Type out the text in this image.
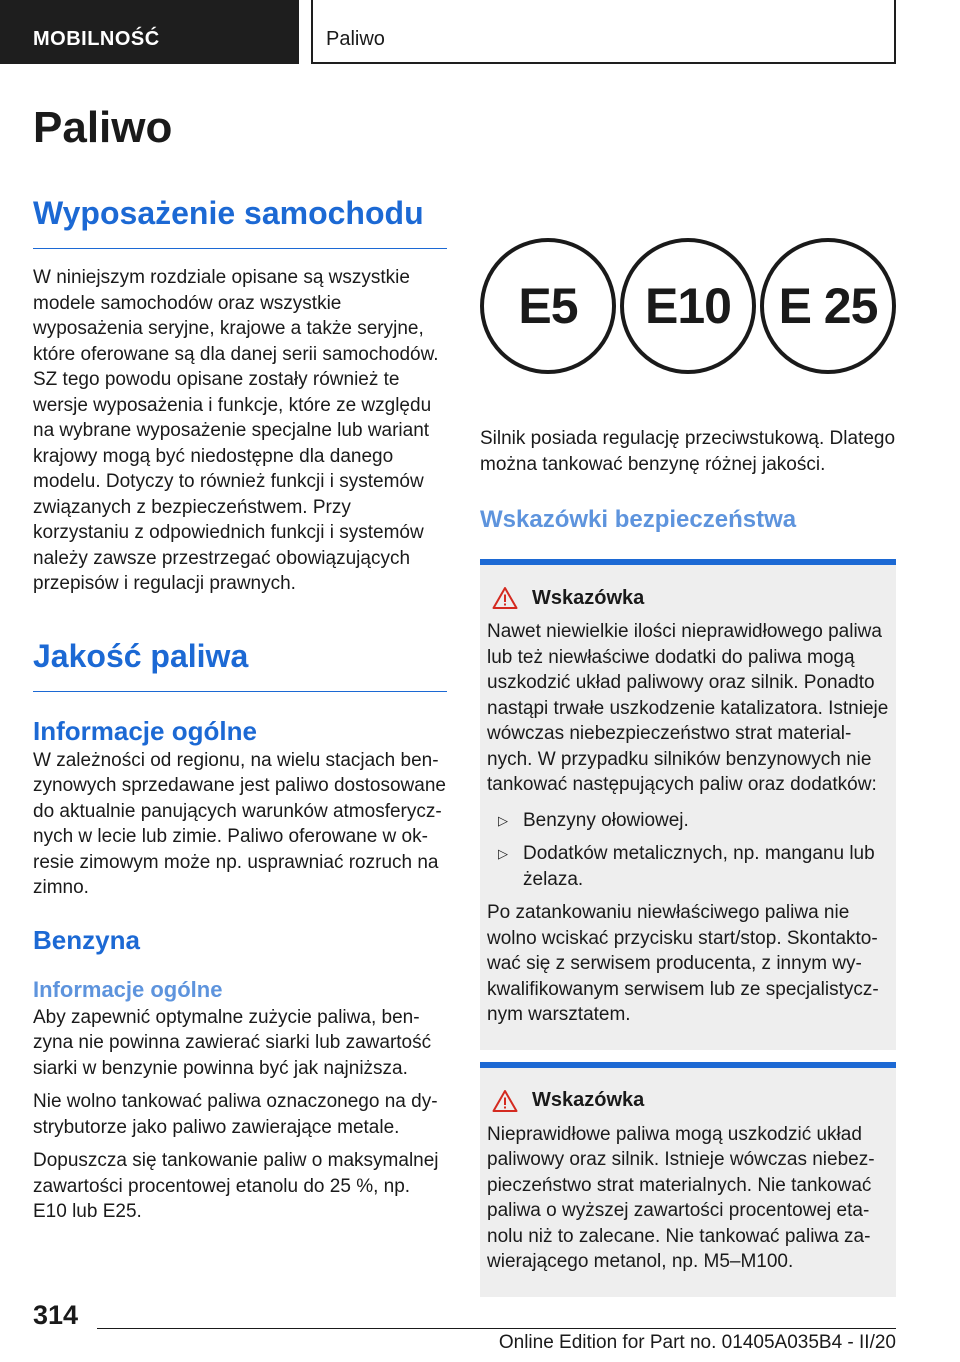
MOBILNOŚĆ	Paliwo
Paliwo
Wyposażenie samochodu

W niniejszym rozdziale opisane są wszystkie modele samochodów oraz wszystkie wyposażenia seryjne, krajowe a także seryjne, które oferowane są dla danej serii samochodów. SZ tego powodu opisane zostały również te wersje wyposażenia i funkcje, które ze względu na wybrane wyposażenie specjalne lub wariant krajowy mogą być niedostępne dla danego modelu. Dotyczy to również funkcji i systemów związanych z bezpieczeństwem. Przy korzystaniu z odpowiednich funkcji i systemów należy zawsze przestrzegać obowiązujących przepisów i regulacji prawnych.

Jakość paliwa
Informacje ogólne

W zależności od regionu, na wielu stacjach benzynowych sprzedawane jest paliwo dostosowane do aktualnie panujących warunków atmosferycznych w lecie lub zimie. Paliwo oferowane w okresie zimowym może np. usprawniać rozruch na zimno.

Benzyna
Informacje ogólne

Aby zapewnić optymalne zużycie paliwa, benzyna nie powinna zawierać siarki lub zawartość siarki w benzynie powinna być jak najniższa.

Nie wolno tankować paliwa oznaczonego na dystrybutorze jako paliwo zawierające metale.

Dopuszcza się tankowanie paliw o maksymalnej zawartości procentowej etanolu do 25 %, np. E10 lub E25.

E5	E10 E 25

Silnik posiada regulację przeciwstukową. Dlatego można tankować benzynę różnej jakości.

Wskazówki bezpieczeństwa
Wskazówka

Nawet niewielkie ilości nieprawidłowego paliwa lub też niewłaściwe dodatki do paliwa mogą uszkodzić układ paliwowy oraz silnik. Ponadto nastąpi trwałe uszkodzenie katalizatora. Istnieje wówczas niebezpieczeństwo strat materialnych. W przypadku silników benzynowych nie tankować następujących paliw oraz dodatków:

▷ Benzyny ołowiowej.
▷ Dodatków metalicznych, np. manganu lub żelaza.

Po zatankowaniu niewłaściwego paliwa nie wolno wciskać przycisku start/stop. Skontaktować się z serwisem producenta, z innym wykwalifikowanym serwisem lub ze specjalistycznym warsztatem.

Wskazówka

Nieprawidłowe paliwa mogą uszkodzić układ paliwowy oraz silnik. Istnieje wówczas niebezpieczeństwo strat materialnych. Nie tankować paliwa o wyższej zawartości procentowej etanolu niż to zalecane. Nie tankować paliwa zawierającego metanol, np. M5–M100.

314
Online Edition for Part no. 01405A035B4 - II/20
